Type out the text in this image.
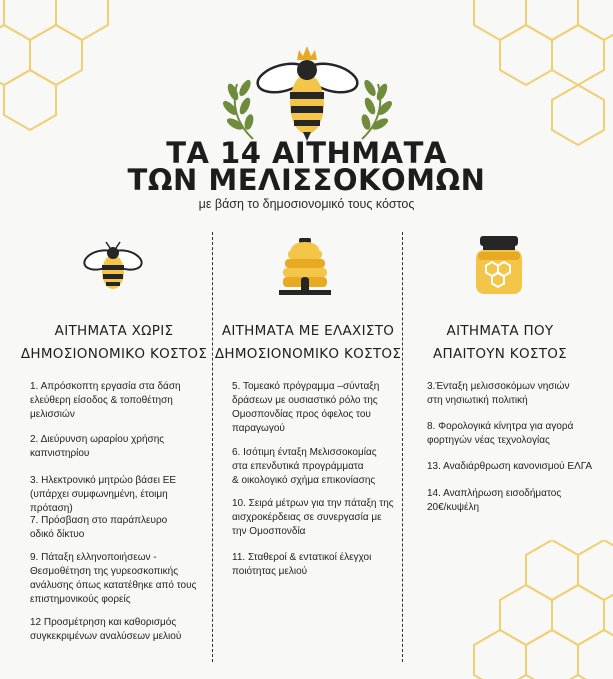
ΤΑ 14 ΑΙΤΗΜΑΤΑ
ΤΩΝ ΜΕΛΙΣΣΟΚΟΜΩΝ
με βάση το δημοσιονομικό τους κόστος
ΑΙΤΗΜΑΤΑ ΧΩΡΙΣ
ΔΗΜΟΣΙΟΝΟΜΙΚΟ ΚΟΣΤΟΣ
ΑΙΤΗΜΑΤΑ ΜΕ ΕΛΑΧΙΣΤΟ
ΔΗΜΟΣΙΟΝΟΜΙΚΟ ΚΟΣΤΟΣ
ΑΙΤΗΜΑΤΑ ΠΟΥ
ΑΠΑΙΤΟΥΝ ΚΟΣΤΟΣ
1. Απρόσκοπτη εργασία στα δάση
ελεύθερη είσοδος & τοποθέτηση
μελισσιών
2. Διεύρυνση ωραρίου χρήσης
καπνιστηρίου
3. Ηλεκτρονικό μητρώο βάσει ΕΕ
(υπάρχει συμφωνημένη, έτοιμη πρόταση)
7. Πρόσβαση στο παράπλευρο
οδικό δίκτυο
9. Πάταξη ελληνοποιήσεων -
Θεσμοθέτηση της γυρεοσκοπικής
ανάλυσης όπως κατατέθηκε από τους
επιστημονικούς φορείς
12 Προσμέτρηση και καθορισμός
συγκεκριμένων αναλύσεων μελιού
5. Τομεακό πρόγραμμα –σύνταξη
δράσεων με ουσιαστικό ρόλο της
Ομοσπονδίας προς όφελος του
παραγωγού
6. Ισότιμη ένταξη Μελισσοκομίας
στα επενδυτικά προγράμματα
& οικολογικό σχήμα επικονίασης
10. Σειρά μέτρων για την πάταξη της
αισχροκέρδειας σε συνεργασία με
την Ομοσπονδία
11. Σταθεροί & εντατικοί έλεγχοι
ποιότητας μελιού
3.Ένταξη μελισσοκόμων νησιών
στη νησιωτική πολιτική
8. Φορολογικά κίνητρα για αγορά
φορτηγών νέας τεχνολογίας
13. Αναδιάρθρωση κανονισμού ΕΛΓΑ
14. Αναπλήρωση εισοδήματος
20€/κυψέλη
